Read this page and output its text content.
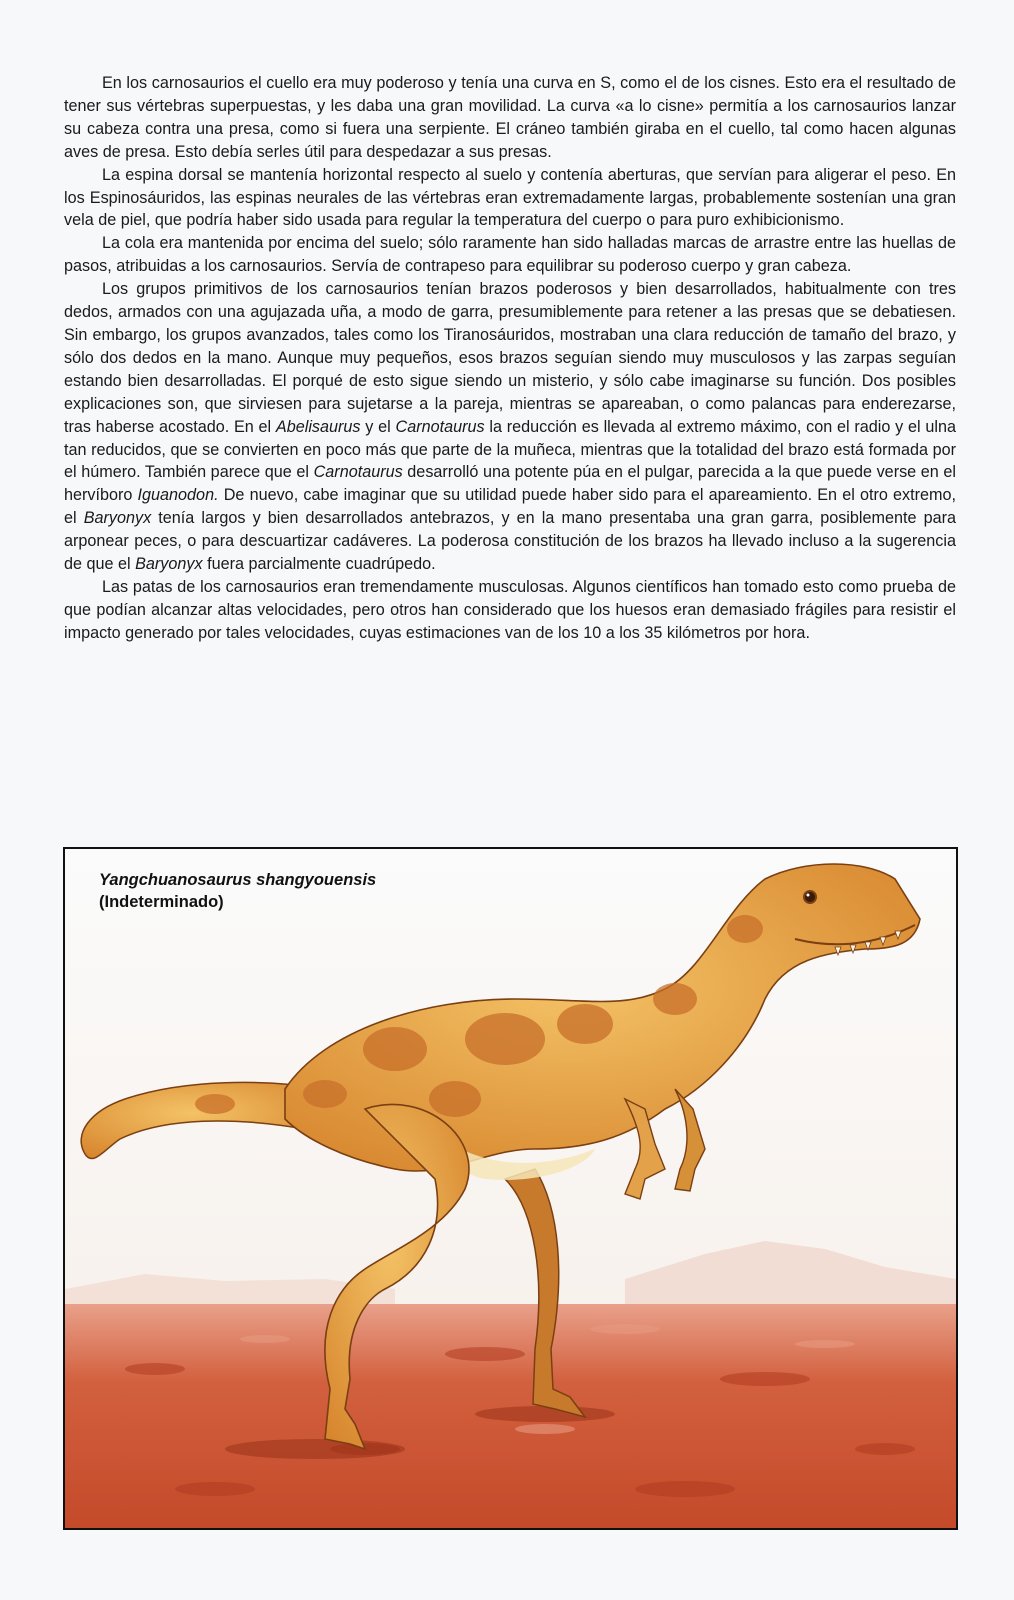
En los carnosaurios el cuello era muy poderoso y tenía una curva en S, como el de los cisnes. Esto era el resultado de tener sus vértebras superpuestas, y les daba una gran movilidad. La curva «a lo cisne» permitía a los carnosaurios lanzar su cabeza contra una presa, como si fuera una serpiente. El cráneo también giraba en el cuello, tal como hacen algunas aves de presa. Esto debía serles útil para despedazar a sus presas.

La espina dorsal se mantenía horizontal respecto al suelo y contenía aberturas, que servían para aligerar el peso. En los Espinosáuridos, las espinas neurales de las vértebras eran extremadamente largas, probablemente sostenían una gran vela de piel, que podría haber sido usada para regular la temperatura del cuerpo o para puro exhibicionismo.

La cola era mantenida por encima del suelo; sólo raramente han sido halladas marcas de arrastre entre las huellas de pasos, atribuidas a los carnosaurios. Servía de contrapeso para equilibrar su poderoso cuerpo y gran cabeza.

Los grupos primitivos de los carnosaurios tenían brazos poderosos y bien desarrollados, habitualmente con tres dedos, armados con una agujazada uña, a modo de garra, presumiblemente para retener a las presas que se debatiesen. Sin embargo, los grupos avanzados, tales como los Tiranosáuridos, mostraban una clara reducción de tamaño del brazo, y sólo dos dedos en la mano. Aunque muy pequeños, esos brazos seguían siendo muy musculosos y las zarpas seguían estando bien desarrolladas. El porqué de esto sigue siendo un misterio, y sólo cabe imaginarse su función. Dos posibles explicaciones son, que sirviesen para sujetarse a la pareja, mientras se apareaban, o como palancas para enderezarse, tras haberse acostado. En el Abelisaurus y el Carnotaurus la reducción es llevada al extremo máximo, con el radio y el ulna tan reducidos, que se convierten en poco más que parte de la muñeca, mientras que la totalidad del brazo está formada por el húmero. También parece que el Carnotaurus desarrolló una potente púa en el pulgar, parecida a la que puede verse en el hervíboro Iguanodon. De nuevo, cabe imaginar que su utilidad puede haber sido para el apareamiento. En el otro extremo, el Baryonyx tenía largos y bien desarrollados antebrazos, y en la mano presentaba una gran garra, posiblemente para arponear peces, o para descuartizar cadáveres. La poderosa constitución de los brazos ha llevado incluso a la sugerencia de que el Baryonyx fuera parcialmente cuadrúpedo.

Las patas de los carnosaurios eran tremendamente musculosas. Algunos científicos han tomado esto como prueba de que podían alcanzar altas velocidades, pero otros han considerado que los huesos eran demasiado frágiles para resistir el impacto generado por tales velocidades, cuyas estimaciones van de los 10 a los 35 kilómetros por hora.

Yangchuanosaurus shangyouensis
(Indeterminado)
